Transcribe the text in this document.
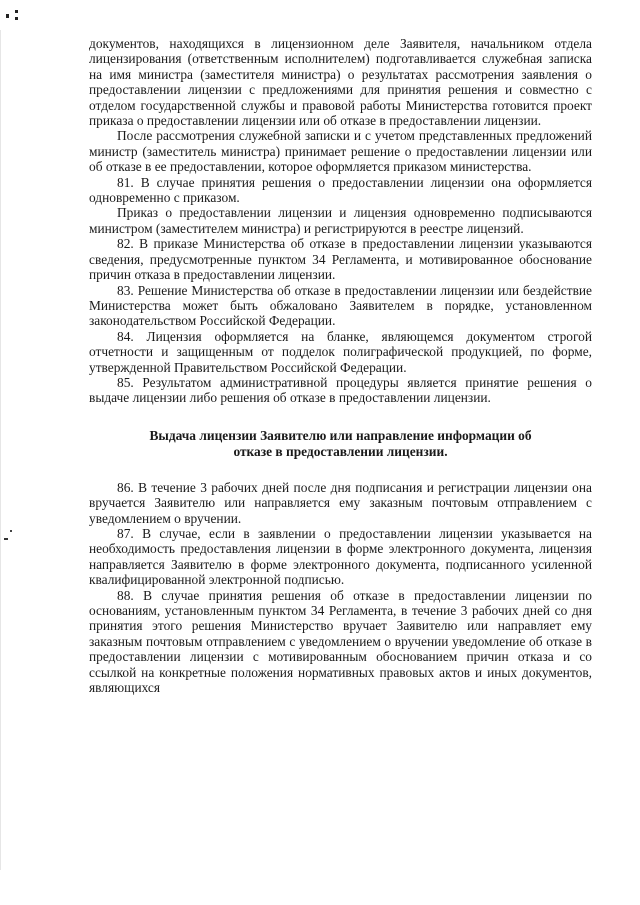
документов, находящихся в лицензионном деле Заявителя, начальником отдела лицензирования (ответственным исполнителем) подготавливается служебная записка на имя министра (заместителя министра) о результатах рассмотрения заявления о предоставлении лицензии с предложениями для принятия решения и совместно с отделом государственной службы и правовой работы Министерства готовится проект приказа о предоставлении лицензии или об отказе в предоставлении лицензии.

После рассмотрения служебной записки и с учетом представленных предложений министр (заместитель министра) принимает решение о предоставлении лицензии или об отказе в ее предоставлении, которое оформляется приказом министерства.

81. В случае принятия решения о предоставлении лицензии она оформляется одновременно с приказом.

Приказ о предоставлении лицензии и лицензия одновременно подписываются министром (заместителем министра) и регистрируются в реестре лицензий.

82. В приказе Министерства об отказе в предоставлении лицензии указываются сведения, предусмотренные пунктом 34 Регламента, и мотивированное обоснование причин отказа в предоставлении лицензии.

83. Решение Министерства об отказе в предоставлении лицензии или бездействие Министерства может быть обжаловано Заявителем в порядке, установленном законодательством Российской Федерации.

84. Лицензия оформляется на бланке, являющемся документом строгой отчетности и защищенным от подделок полиграфической продукцией, по форме, утвержденной Правительством Российской Федерации.

85. Результатом административной процедуры является принятие решения о выдаче лицензии либо решения об отказе в предоставлении лицензии.

Выдача лицензии Заявителю или направление информации об
отказе в предоставлении лицензии.

86. В течение 3 рабочих дней после дня подписания и регистрации лицензии она вручается Заявителю или направляется ему заказным почтовым отправлением с уведомлением о вручении.

87. В случае, если в заявлении о предоставлении лицензии указывается на необходимость предоставления лицензии в форме электронного документа, лицензия направляется Заявителю в форме электронного документа, подписанного усиленной квалифицированной электронной подписью.

88. В случае принятия решения об отказе в предоставлении лицензии по основаниям, установленным пунктом 34 Регламента, в течение 3 рабочих дней со дня принятия этого решения Министерство вручает Заявителю или направляет ему заказным почтовым отправлением с уведомлением о вручении уведомление об отказе в предоставлении лицензии с мотивированным обоснованием причин отказа и со ссылкой на конкретные положения нормативных правовых актов и иных документов, являющихся
